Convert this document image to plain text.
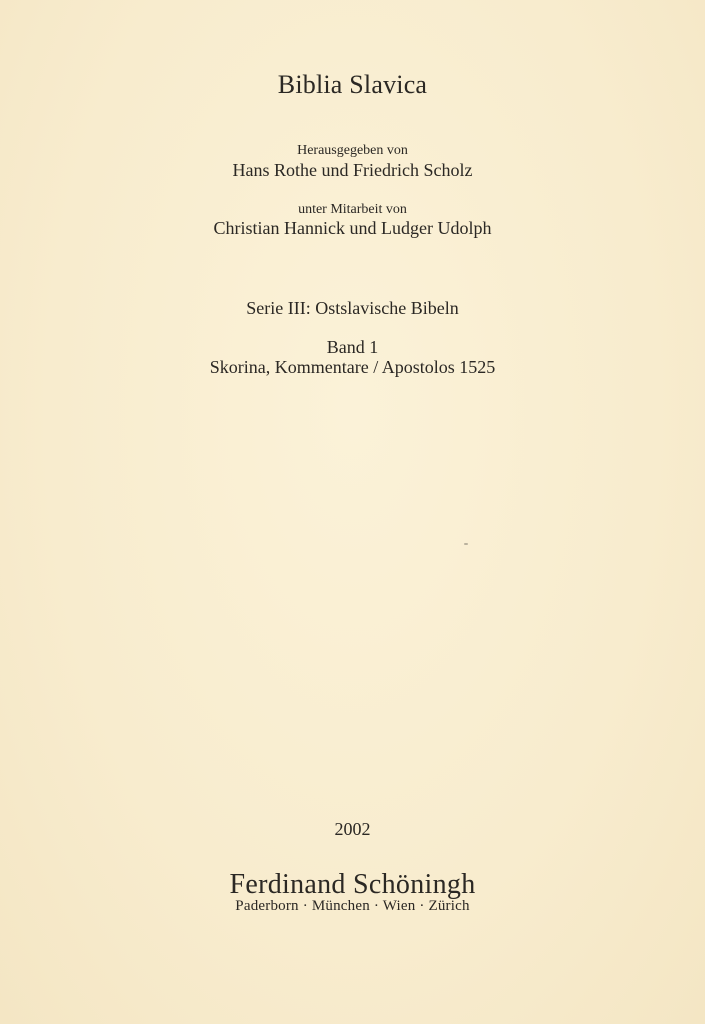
Biblia Slavica

Herausgegeben von

Hans Rothe und Friedrich Scholz

unter Mitarbeit von

Christian Hannick und Ludger Udolph

Serie III: Ostslavische Bibeln

Band 1

Skorina, Kommentare / Apostolos 1525

2002

Ferdinand Schöningh

Paderborn · München · Wien · Zürich
